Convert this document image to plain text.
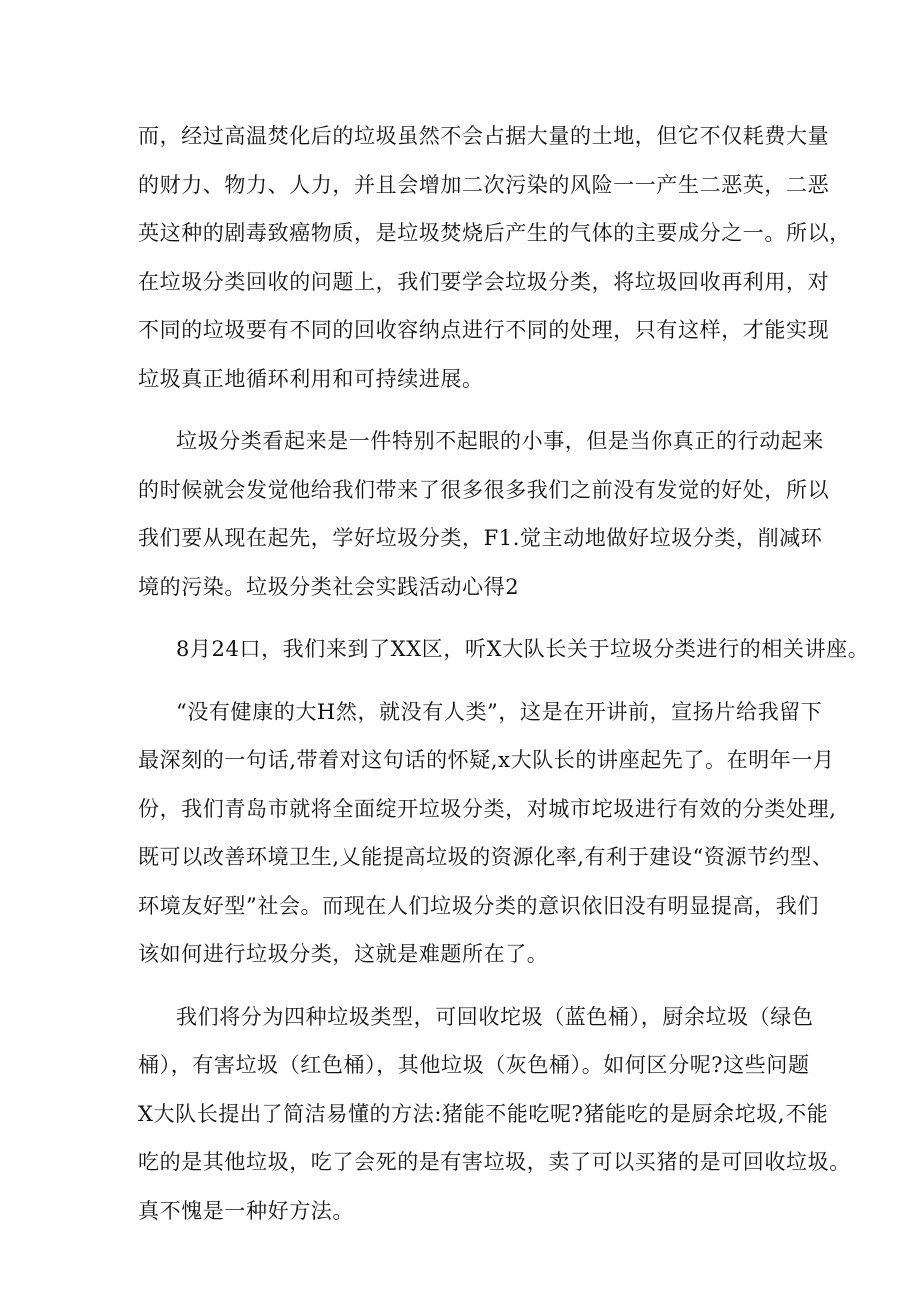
而，经过高温焚化后的垃圾虽然不会占据大量的土地，但它不仅耗费大量
的财力、物力、人力，并且会增加二次污染的风险一一产生二恶英，二恶
英这种的剧毒致癌物质，是垃圾焚烧后产生的气体的主要成分之一。所以，
在垃圾分类回收的问题上，我们要学会垃圾分类，将垃圾回收再利用，对
不同的垃圾要有不同的回收容纳点进行不同的处理，只有这样，才能实现
垃圾真正地循环利用和可持续进展。
垃圾分类看起来是一件特别不起眼的小事，但是当你真正的行动起来
的时候就会发觉他给我们带来了很多很多我们之前没有发觉的好处，所以
我们要从现在起先，学好垃圾分类，F1.觉主动地做好垃圾分类，削减环
境的污染。垃圾分类社会实践活动心得2
8月24口，我们来到了XX区，听X大队长关于垃圾分类进行的相关讲座。
“没有健康的大H然，就没有人类”，这是在开讲前，宣扬片给我留下
最深刻的一句话,带着对这句话的怀疑,x大队长的讲座起先了。在明年一月
份，我们青岛市就将全面绽开垃圾分类，对城市坨圾进行有效的分类处理,
既可以改善环境卫生,乂能提高垃圾的资源化率,有利于建设“资源节约型、
环境友好型”社会。而现在人们垃圾分类的意识依旧没有明显提高，我们
该如何进行垃圾分类，这就是难题所在了。
我们将分为四种垃圾类型，可回收坨圾（蓝色桶），厨余垃圾（绿色
桶），有害垃圾（红色桶），其他垃圾（灰色桶）。如何区分呢?这些问题
X大队长提出了简洁易懂的方法:猪能不能吃呢?猪能吃的是厨余坨圾,不能
吃的是其他垃圾，吃了会死的是有害垃圾，卖了可以买猪的是可回收垃圾。
真不愧是一种好方法。
